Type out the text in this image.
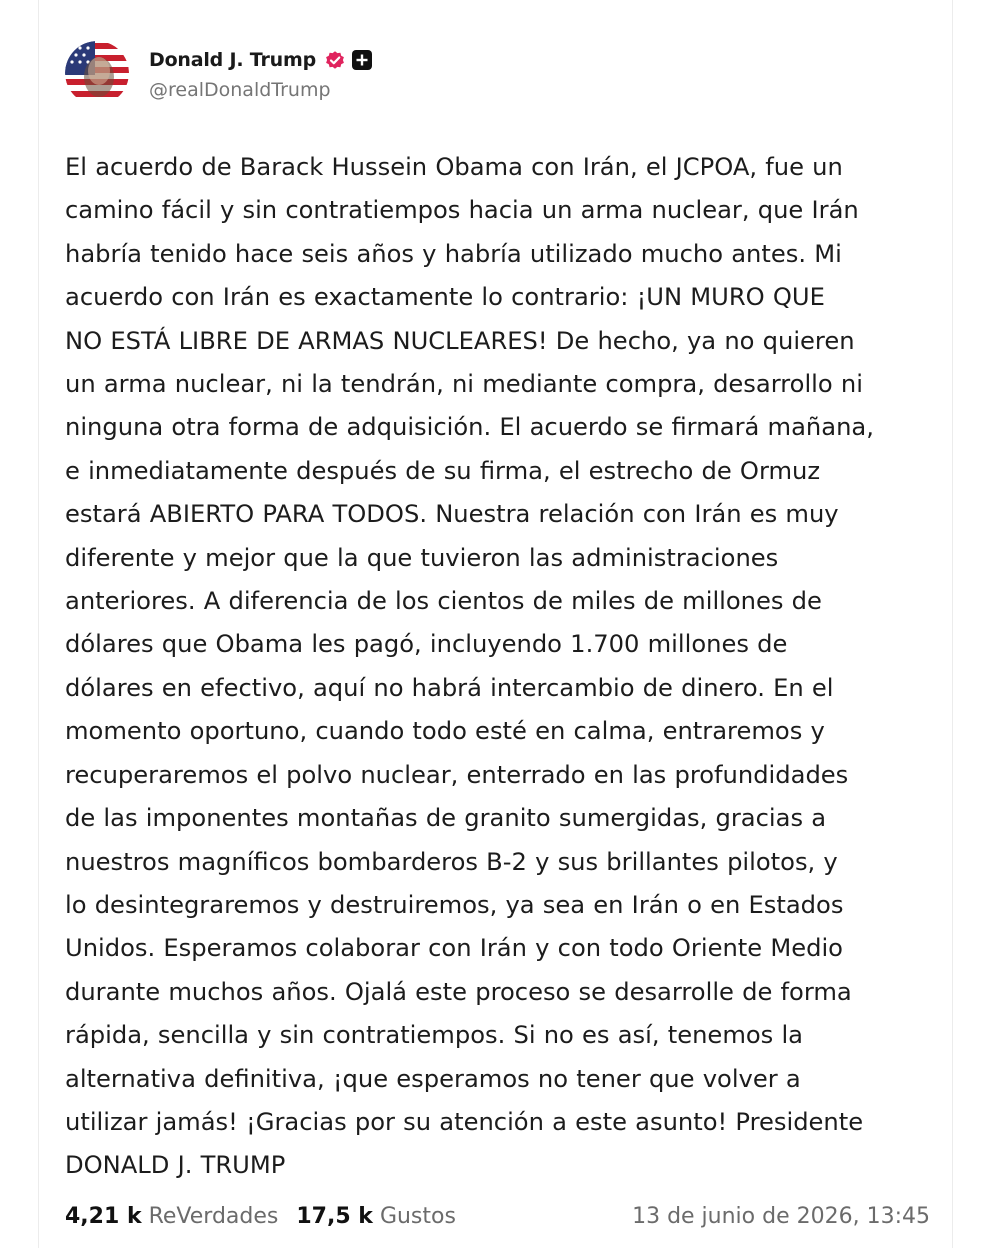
Donald J. Trump
@realDonaldTrump
El acuerdo de Barack Hussein Obama con Irán, el JCPOA, fue un
camino fácil y sin contratiempos hacia un arma nuclear, que Irán
habría tenido hace seis años y habría utilizado mucho antes. Mi
acuerdo con Irán es exactamente lo contrario: ¡UN MURO QUE
NO ESTÁ LIBRE DE ARMAS NUCLEARES! De hecho, ya no quieren
un arma nuclear, ni la tendrán, ni mediante compra, desarrollo ni
ninguna otra forma de adquisición. El acuerdo se firmará mañana,
e inmediatamente después de su firma, el estrecho de Ormuz
estará ABIERTO PARA TODOS. Nuestra relación con Irán es muy
diferente y mejor que la que tuvieron las administraciones
anteriores. A diferencia de los cientos de miles de millones de
dólares que Obama les pagó, incluyendo 1.700 millones de
dólares en efectivo, aquí no habrá intercambio de dinero. En el
momento oportuno, cuando todo esté en calma, entraremos y
recuperaremos el polvo nuclear, enterrado en las profundidades
de las imponentes montañas de granito sumergidas, gracias a
nuestros magníficos bombarderos B-2 y sus brillantes pilotos, y
lo desintegraremos y destruiremos, ya sea en Irán o en Estados
Unidos. Esperamos colaborar con Irán y con todo Oriente Medio
durante muchos años. Ojalá este proceso se desarrolle de forma
rápida, sencilla y sin contratiempos. Si no es así, tenemos la
alternativa definitiva, ¡que esperamos no tener que volver a
utilizar jamás! ¡Gracias por su atención a este asunto! Presidente
DONALD J. TRUMP
4,21 k ReVerdades 17,5 k Gustos	13 de junio de 2026, 13:45
